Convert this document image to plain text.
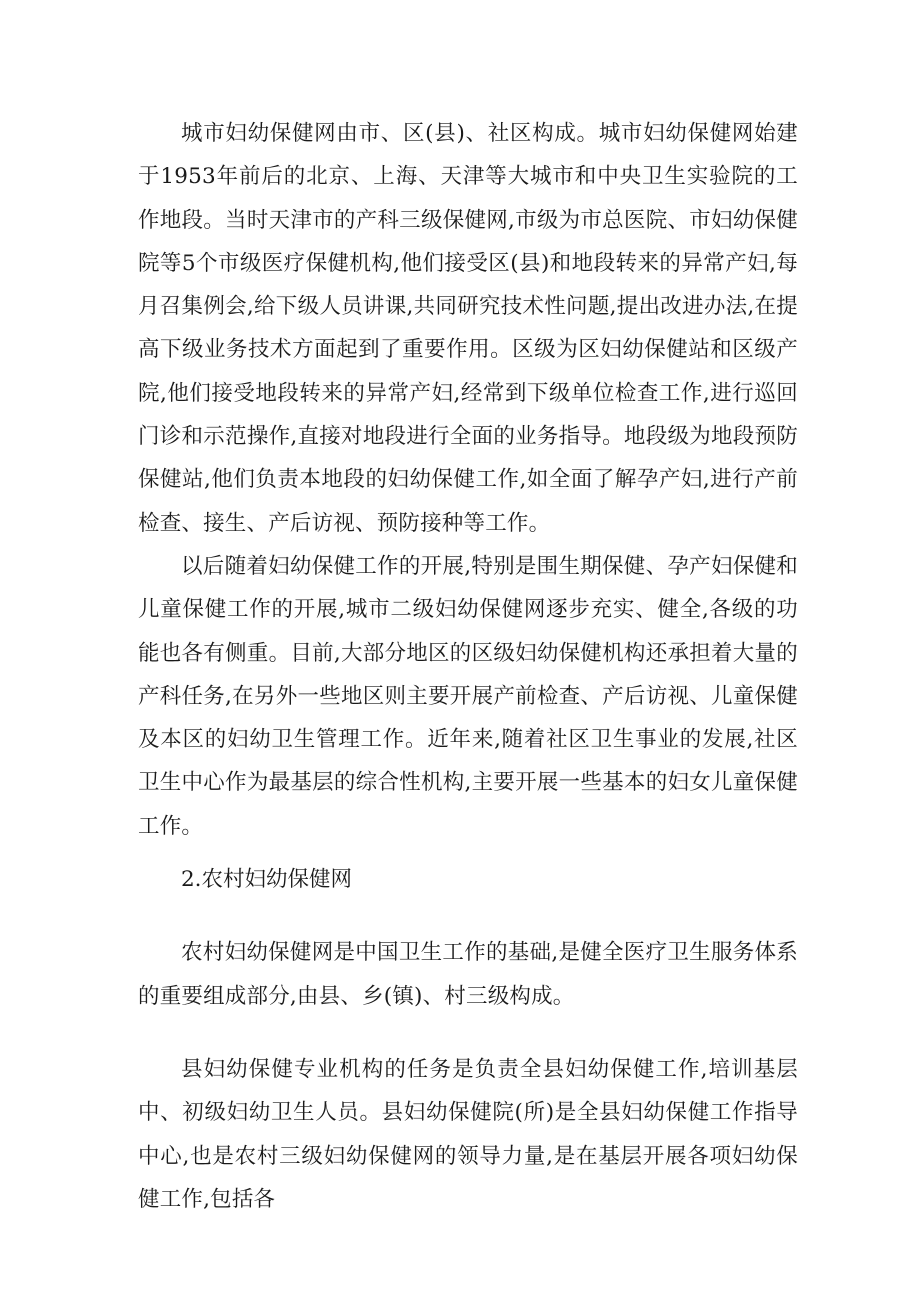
城市妇幼保健网由市、区(县)、社区构成。城市妇幼保健网始建于1953年前后的北京、上海、天津等大城市和中央卫生实验院的工作地段。当时天津市的产科三级保健网,市级为市总医院、市妇幼保健院等5个市级医疗保健机构,他们接受区(县)和地段转来的异常产妇,每月召集例会,给下级人员讲课,共同研究技术性问题,提出改进办法,在提高下级业务技术方面起到了重要作用。区级为区妇幼保健站和区级产院,他们接受地段转来的异常产妇,经常到下级单位检查工作,进行巡回门诊和示范操作,直接对地段进行全面的业务指导。地段级为地段预防保健站,他们负责本地段的妇幼保健工作,如全面了解孕产妇,进行产前检查、接生、产后访视、预防接种等工作。

以后随着妇幼保健工作的开展,特别是围生期保健、孕产妇保健和儿童保健工作的开展,城市二级妇幼保健网逐步充实、健全,各级的功能也各有侧重。目前,大部分地区的区级妇幼保健机构还承担着大量的产科任务,在另外一些地区则主要开展产前检查、产后访视、儿童保健及本区的妇幼卫生管理工作。近年来,随着社区卫生事业的发展,社区卫生中心作为最基层的综合性机构,主要开展一些基本的妇女儿童保健工作。

2.农村妇幼保健网

农村妇幼保健网是中国卫生工作的基础,是健全医疗卫生服务体系的重要组成部分,由县、乡(镇)、村三级构成。

县妇幼保健专业机构的任务是负责全县妇幼保健工作,培训基层中、初级妇幼卫生人员。县妇幼保健院(所)是全县妇幼保健工作指导中心,也是农村三级妇幼保健网的领导力量,是在基层开展各项妇幼保健工作,包括各
